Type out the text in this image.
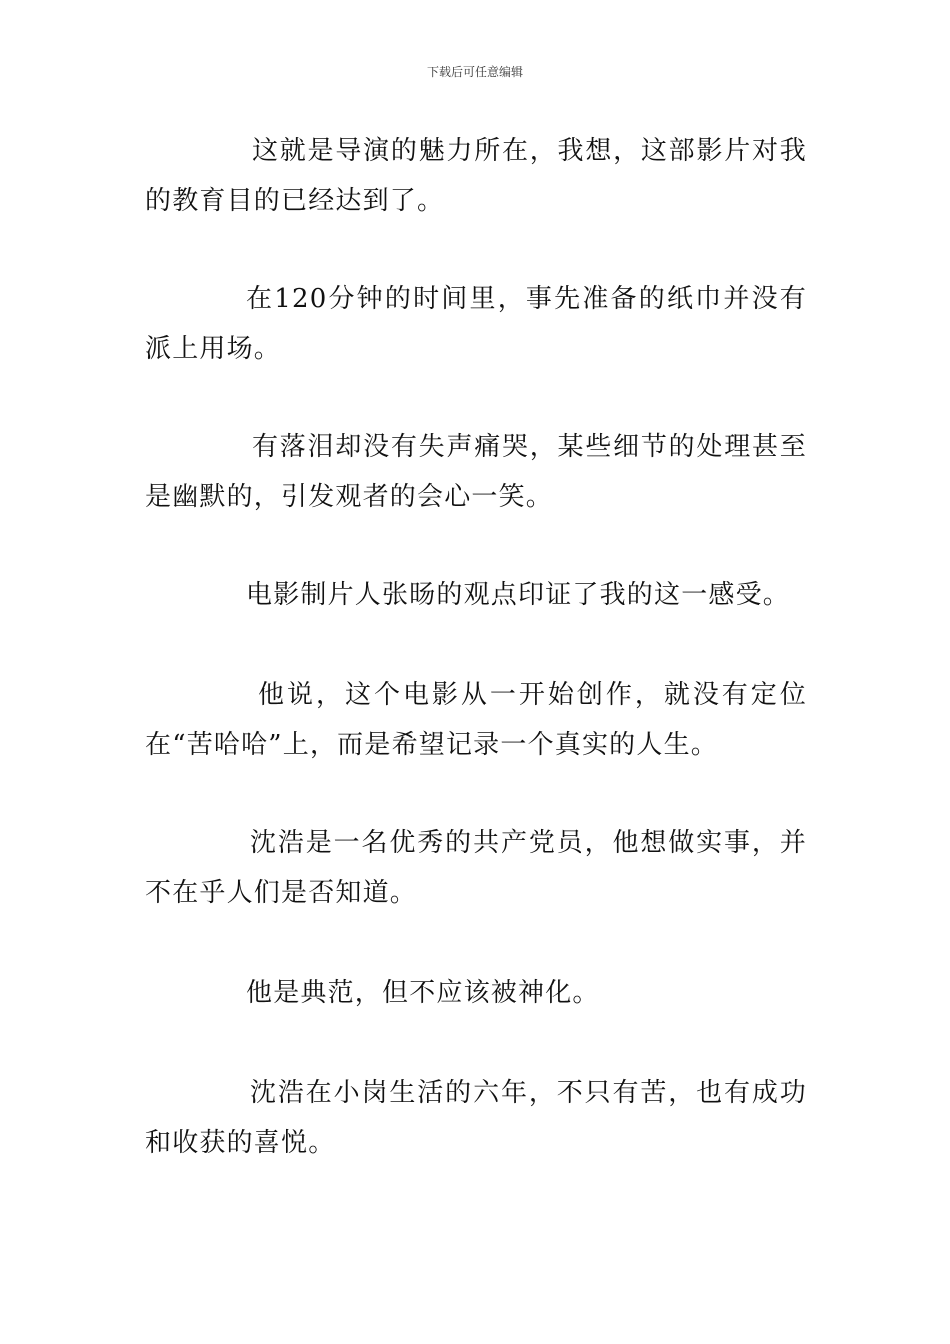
下载后可任意编辑

这就是导演的魅力所在，我想，这部影片对我的教育目的已经达到了。

在120分钟的时间里，事先准备的纸巾并没有派上用场。

有落泪却没有失声痛哭，某些细节的处理甚至是幽默的，引发观者的会心一笑。

电影制片人张旸的观点印证了我的这一感受。

他说，这个电影从一开始创作，就没有定位在“苦哈哈”上，而是希望记录一个真实的人生。

沈浩是一名优秀的共产党员，他想做实事，并不在乎人们是否知道。

他是典范，但不应该被神化。

沈浩在小岗生活的六年，不只有苦，也有成功和收获的喜悦。
